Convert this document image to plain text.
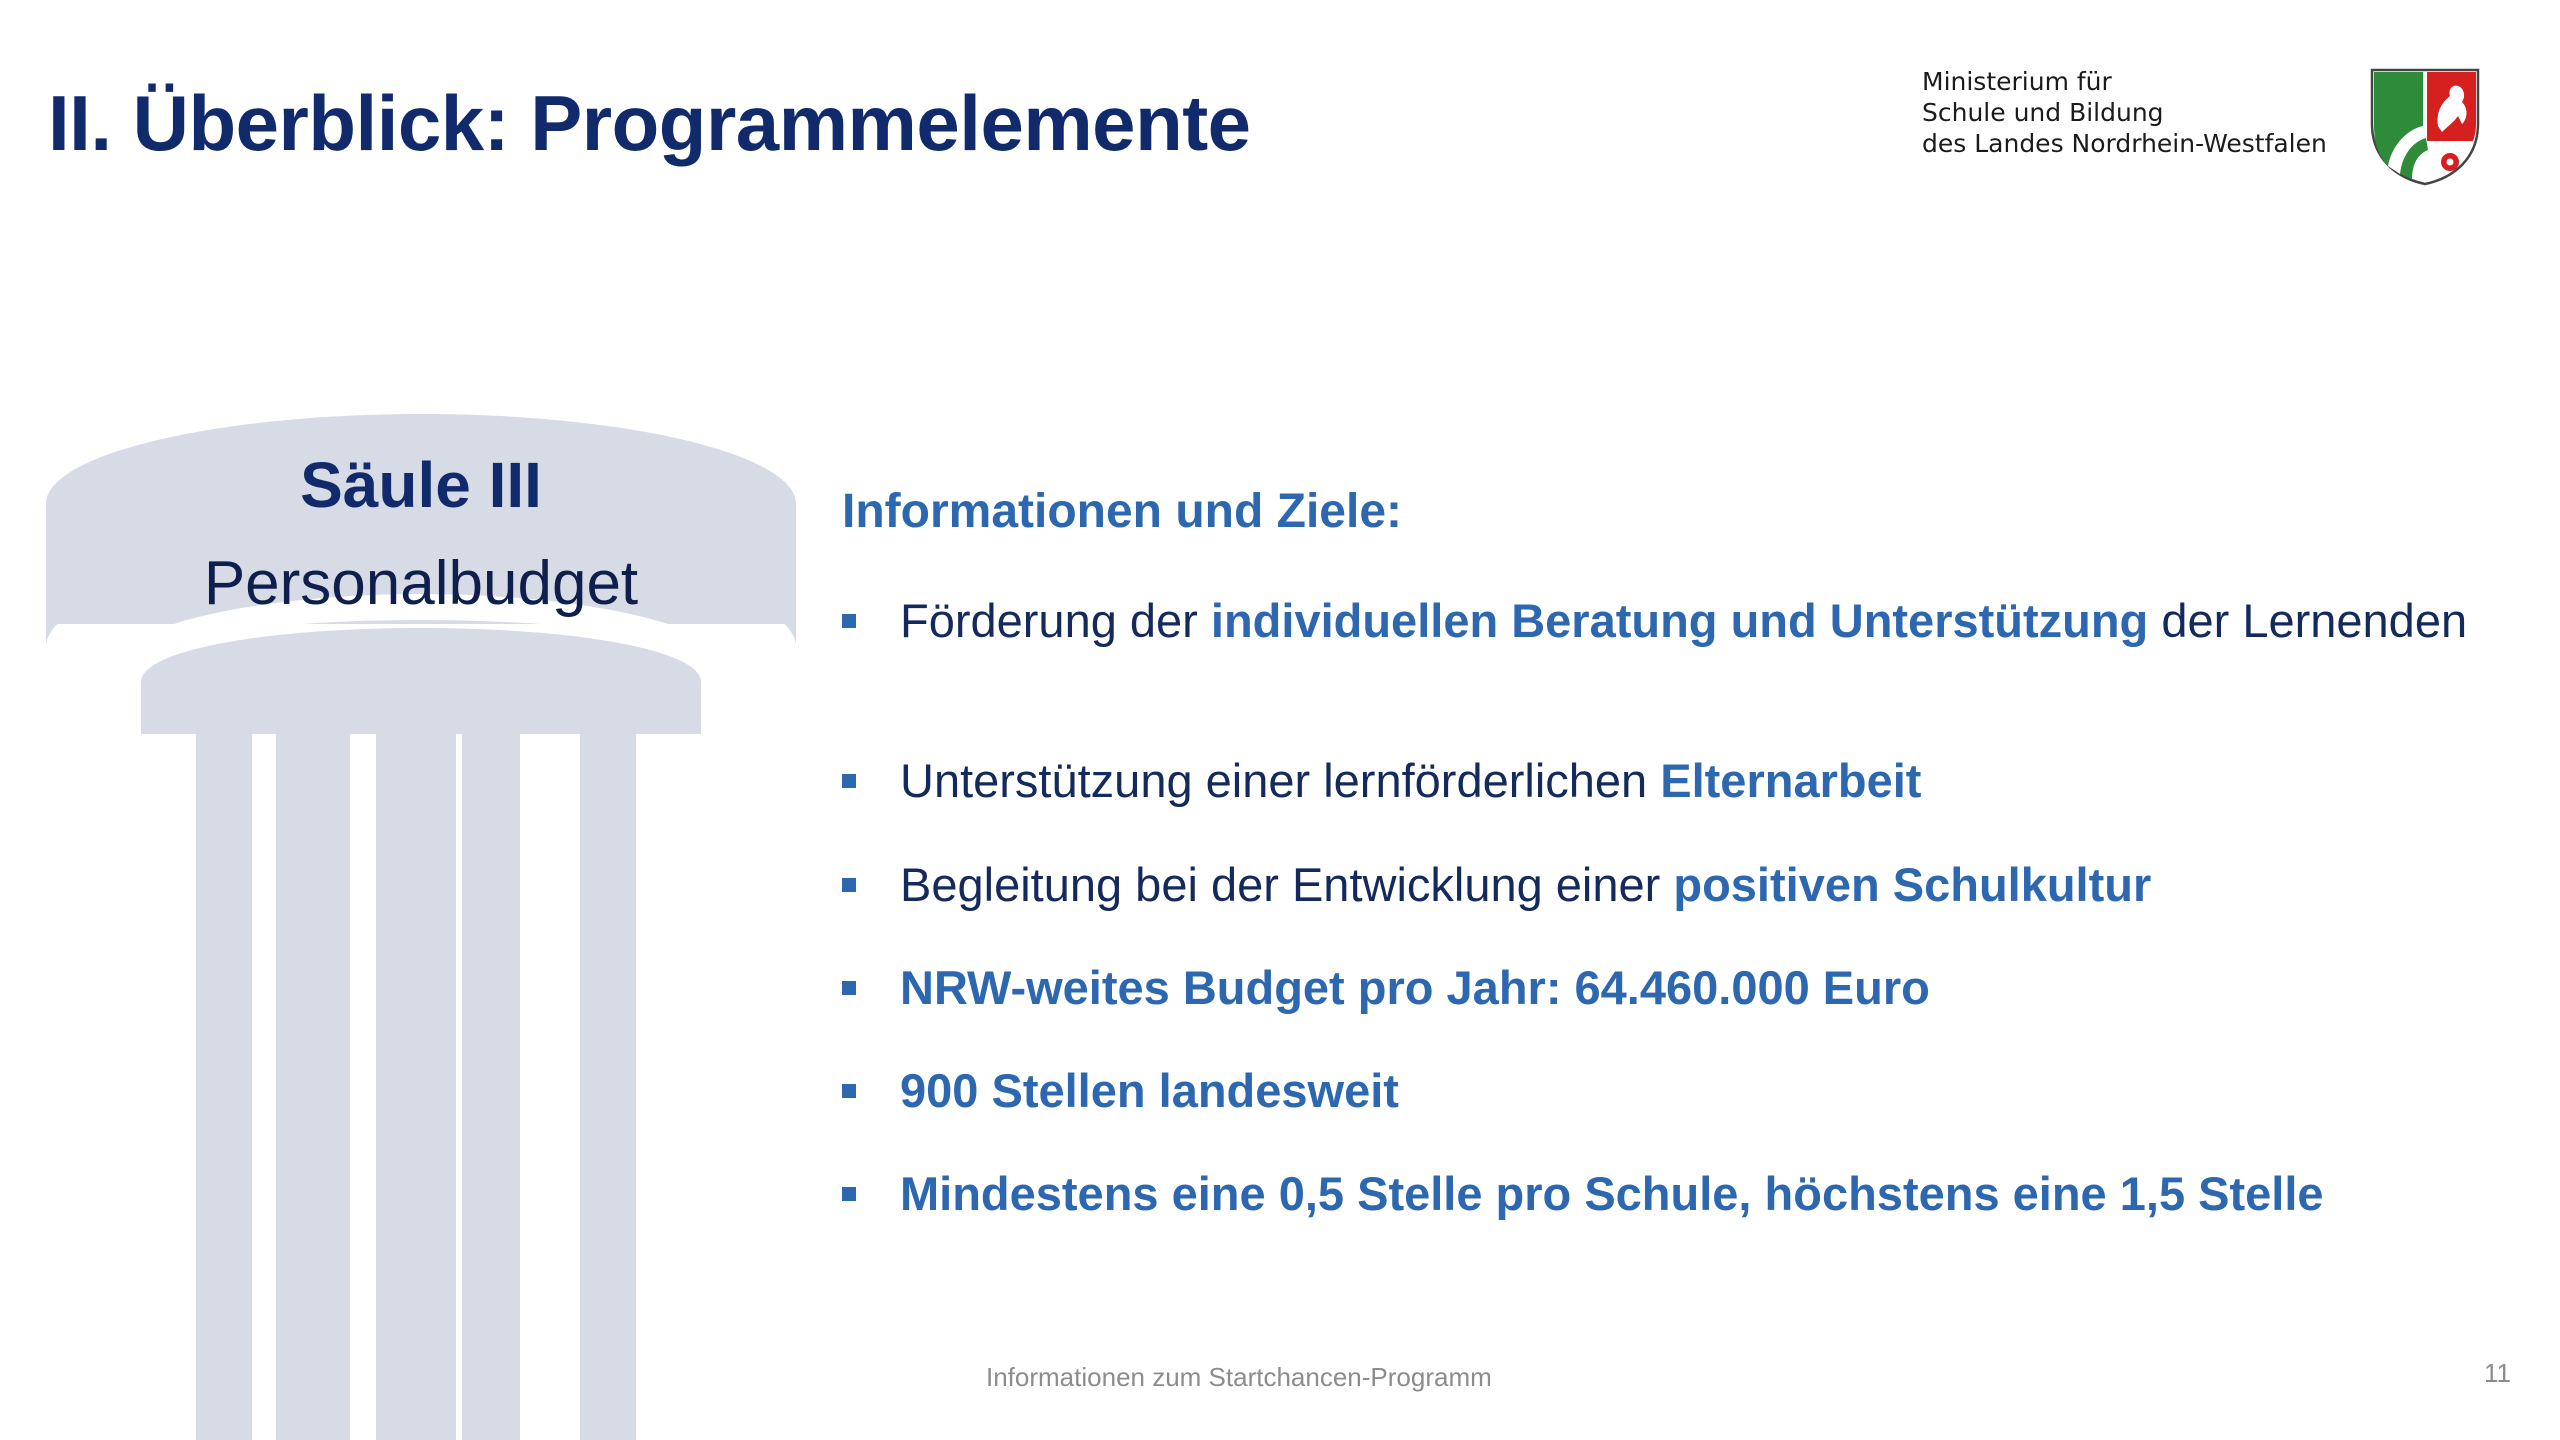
II. Überblick: Programmelemente	Ministerium für
Schule und Bildung
des Landes Nordrhein-Westfalen
Säule III
Personalbudget
Informationen und Ziele:
Förderung der individuellen Beratung und Unterstützung der Lernenden
Unterstützung einer lernförderlichen Elternarbeit
Begleitung bei der Entwicklung einer positiven Schulkultur
NRW-weites Budget pro Jahr: 64.460.000 Euro
900 Stellen landesweit
Mindestens eine 0,5 Stelle pro Schule, höchstens eine 1,5 Stelle
Informationen zum Startchancen-Programm	11
